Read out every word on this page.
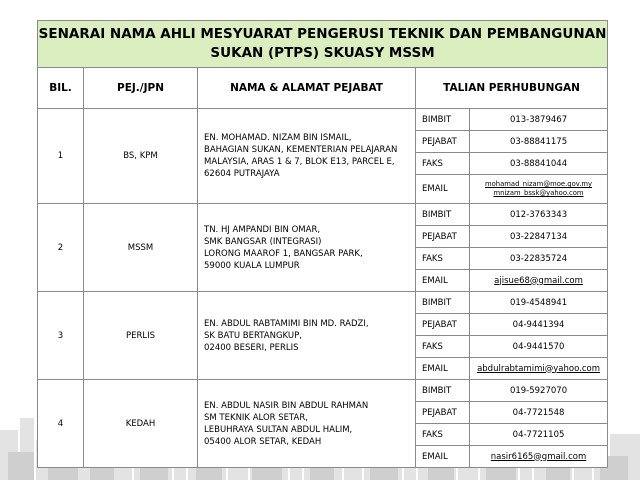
SENARAI NAMA AHLI MESYUARAT PENGERUSI TEKNIK DAN PEMBANGUNAN
SUKAN (PTPS) SKUASY MSSM				

BIL.	PEJ./JPN	NAMA & ALAMAT PEJABAT	TALIAN PERHUBUNGAN	
1	BS, KPM	EN. MOHAMAD. NIZAM BIN ISMAIL,
BAHAGIAN SUKAN, KEMENTERIAN PELAJARAN
MALAYSIA, ARAS 1 & 7, BLOK E13, PARCEL E,
62604 PUTRAJAYA	BIMBIT	013-3879467
			PEJABAT	03-88841175
			FAKS	03-88841044
			EMAIL	mohamad_nizam@moe.gov.my
mnizam_bssk@yahoo.com

2	MSSM	TN. HJ AMPANDI BIN OMAR,
SMK BANGSAR (INTEGRASI)
LORONG MAAROF 1, BANGSAR PARK,
59000 KUALA LUMPUR	BIMBIT	012-3763343
			PEJABAT	03-22847134
			FAKS	03-22835724
			EMAIL	ajisue68@gmail.com
3	PERLIS	EN. ABDUL RABTAMIMI BIN MD. RADZI,
SK BATU BERTANGKUP,
02400 BESERI, PERLIS	BIMBIT	019-4548941
			PEJABAT	04-9441394
			FAKS	04-9441570
			EMAIL	abdulrabtamimi@yahoo.com
4	KEDAH	EN. ABDUL NASIR BIN ABDUL RAHMAN
SM TEKNIK ALOR SETAR,
LEBUHRAYA SULTAN ABDUL HALIM,
05400 ALOR SETAR, KEDAH	BIMBIT	019-5927070
			PEJABAT	04-7721548
			FAKS	04-7721105
			EMAIL	nasir6165@gmail.com
